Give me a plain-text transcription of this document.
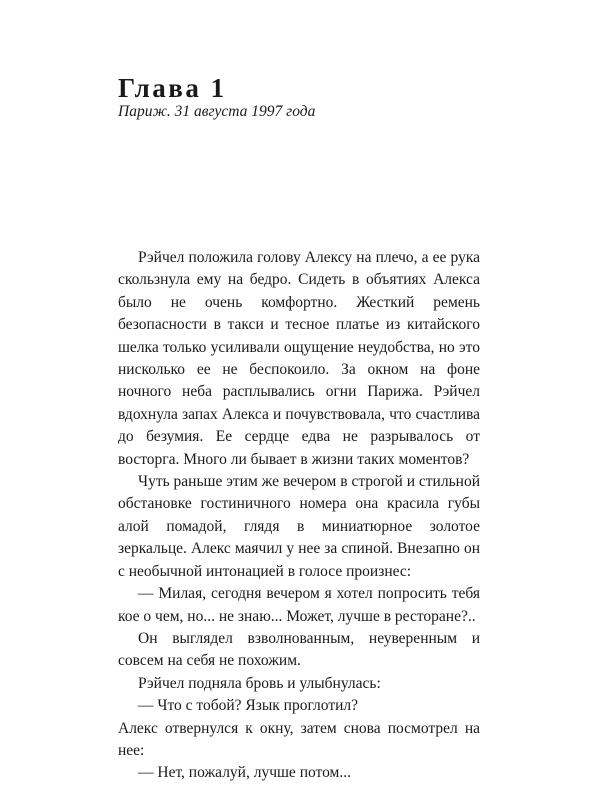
Глава 1

Париж. 31 августа 1997 года

Рэйчел положила голову Алексу на плечо, а ее рука скользнула ему на бедро. Сидеть в объятиях Алекса было не очень комфортно. Жесткий ремень безопасности в такси и тесное платье из китайского шелка только усиливали ощущение неудобства, но это нисколько ее не беспокоило. За окном на фоне ночного неба расплывались огни Парижа. Рэйчел вдохнула запах Алекса и почувствовала, что счастлива до безумия. Ее сердце едва не разрывалось от восторга. Много ли бывает в жизни таких моментов?

Чуть раньше этим же вечером в строгой и стильной обстановке гостиничного номера она красила губы алой помадой, глядя в миниатюрное золотое зеркальце. Алекс маячил у нее за спиной. Внезапно он с необычной интонацией в голосе произнес:

— Милая, сегодня вечером я хотел попросить тебя кое о чем, но... не знаю... Может, лучше в ресторане?..

Он выглядел взволнованным, неуверенным и совсем на себя не похожим.

Рэйчел подняла бровь и улыбнулась:

— Что с тобой? Язык проглотил?

Алекс отвернулся к окну, затем снова посмотрел на нее:

— Нет, пожалуй, лучше потом...
